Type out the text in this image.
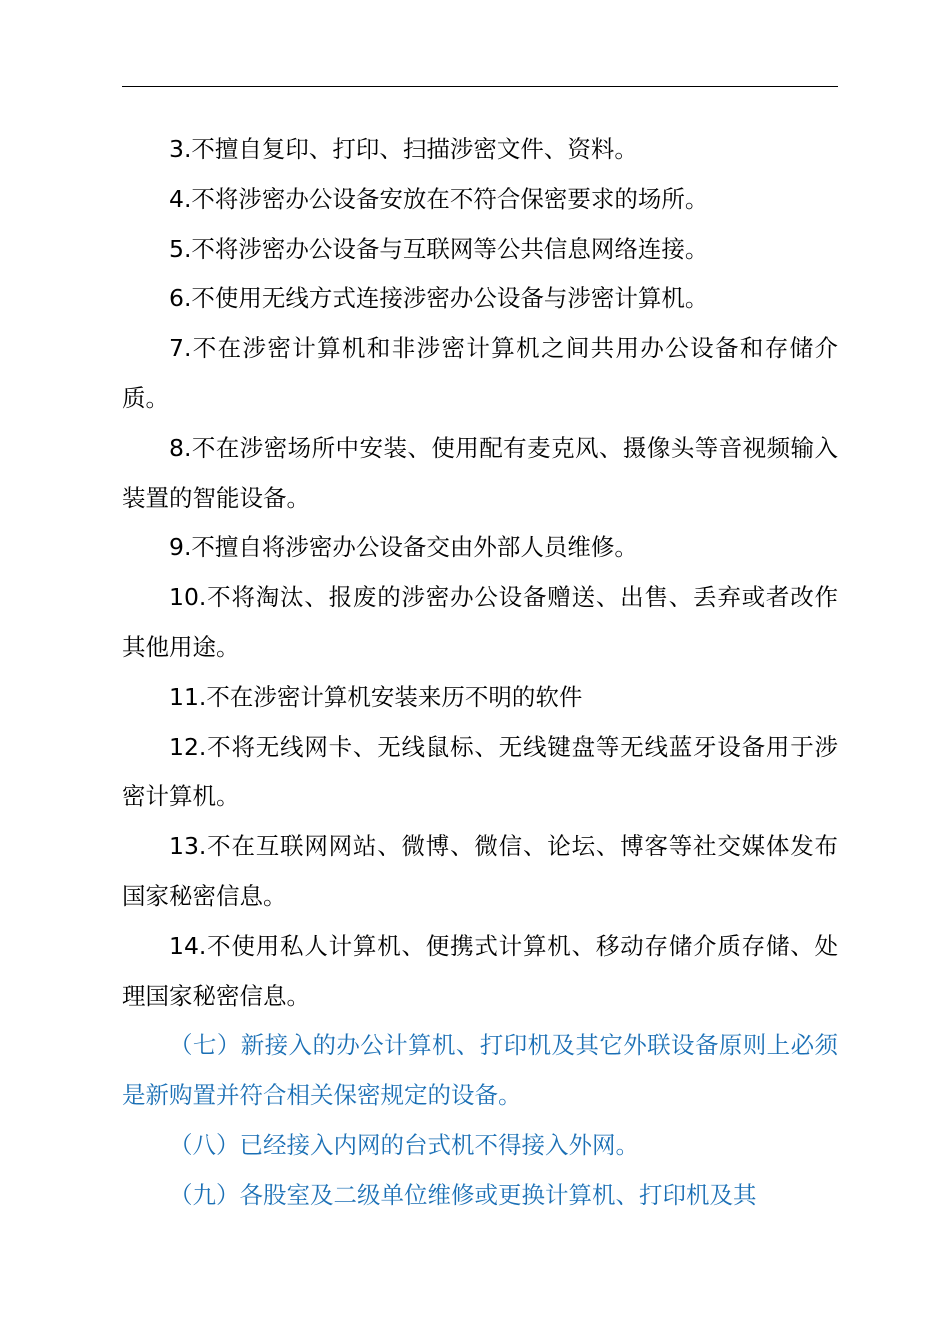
3.不擅自复印、打印、扫描涉密文件、资料。

4.不将涉密办公设备安放在不符合保密要求的场所。

5.不将涉密办公设备与互联网等公共信息网络连接。

6.不使用无线方式连接涉密办公设备与涉密计算机。

7.不在涉密计算机和非涉密计算机之间共用办公设备和存储介质。

8.不在涉密场所中安装、使用配有麦克风、摄像头等音视频输入装置的智能设备。

9.不擅自将涉密办公设备交由外部人员维修。

10.不将淘汰、报废的涉密办公设备赠送、出售、丢弃或者改作其他用途。

11.不在涉密计算机安装来历不明的软件

12.不将无线网卡、无线鼠标、无线键盘等无线蓝牙设备用于涉密计算机。

13.不在互联网网站、微博、微信、论坛、博客等社交媒体发布国家秘密信息。

14.不使用私人计算机、便携式计算机、移动存储介质存储、处理国家秘密信息。

（七）新接入的办公计算机、打印机及其它外联设备原则上必须是新购置并符合相关保密规定的设备。

（八）已经接入内网的台式机不得接入外网。

（九）各股室及二级单位维修或更换计算机、打印机及其
